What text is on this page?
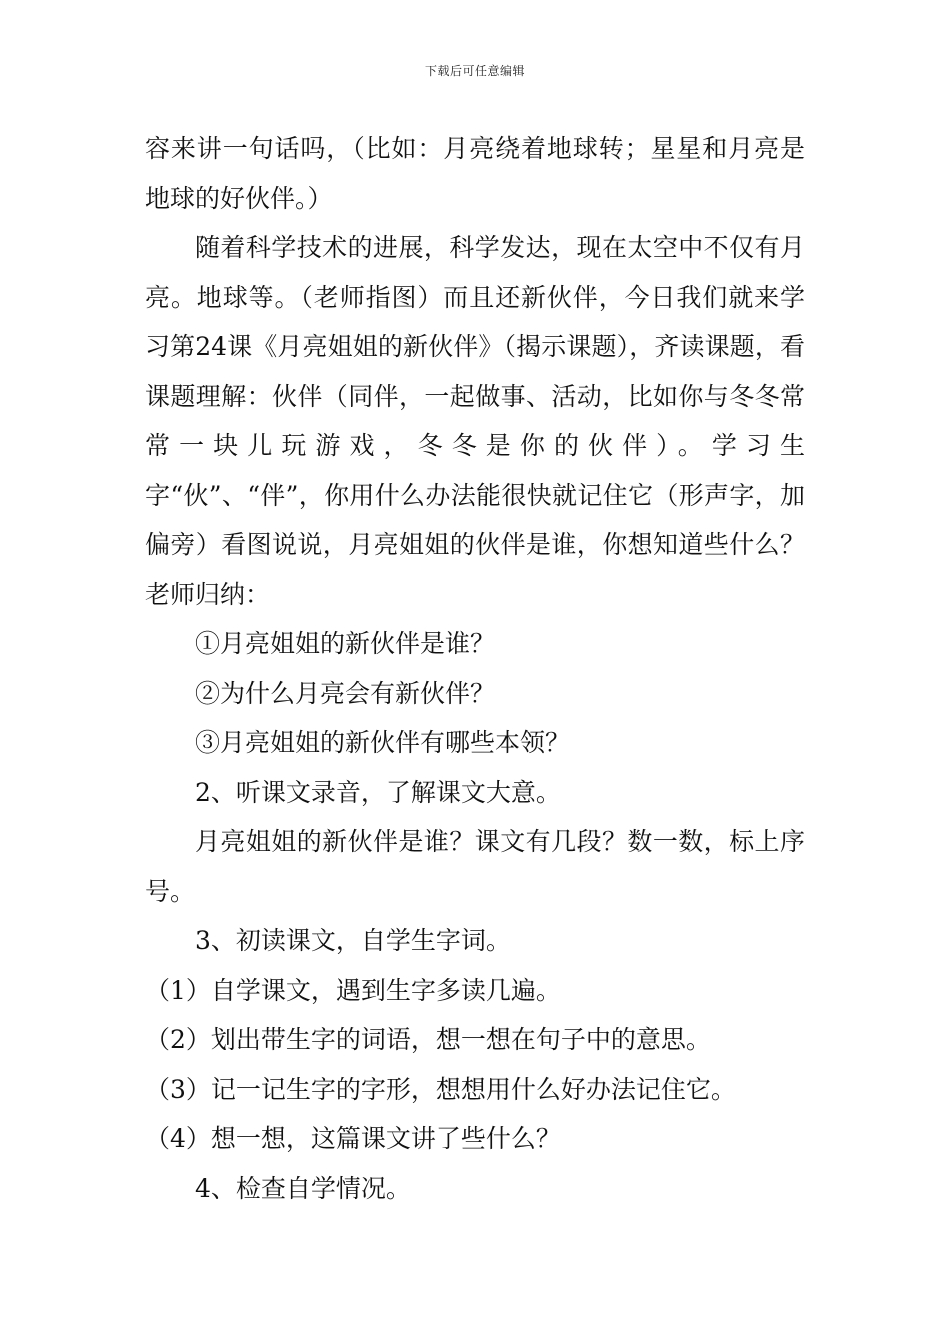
下载后可任意编辑

容来讲一句话吗，（比如：月亮绕着地球转；星星和月亮是地球的好伙伴。）

随着科学技术的进展，科学发达，现在太空中不仅有月亮。地球等。（老师指图）而且还新伙伴，今日我们就来学习第24课《月亮姐姐的新伙伴》（揭示课题），齐读课题，看课题理解：伙伴（同伴，一起做事、活动，比如你与冬冬常常一块儿玩游戏，冬冬是你的伙伴）。学习生字“伙”、“伴”，你用什么办法能很快就记住它（形声字，加偏旁）看图说说，月亮姐姐的伙伴是谁，你想知道些什么？老师归纳：

①月亮姐姐的新伙伴是谁？

②为什么月亮会有新伙伴？

③月亮姐姐的新伙伴有哪些本领？

2、听课文录音，了解课文大意。

月亮姐姐的新伙伴是谁？课文有几段？数一数，标上序号。

3、初读课文，自学生字词。

（1）自学课文，遇到生字多读几遍。

（2）划出带生字的词语，想一想在句子中的意思。

（3）记一记生字的字形，想想用什么好办法记住它。

（4）想一想，这篇课文讲了些什么？

4、检查自学情况。
